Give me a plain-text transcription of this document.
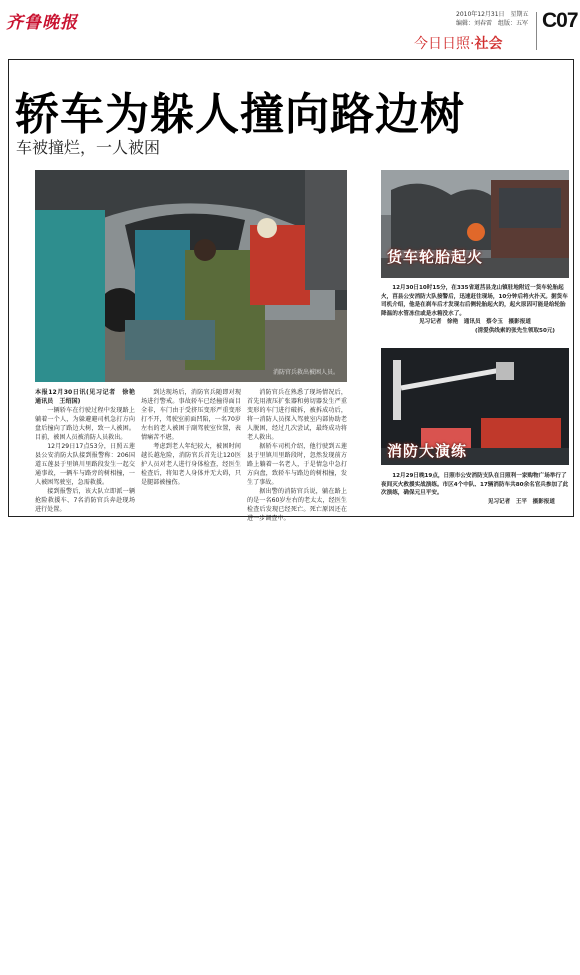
齐鲁晚报	2010年12月31日　星期五
编辑：刘春雷　组版：五军 C07
今日日照·社会
轿车为躲人撞向路边树
车被撞烂，一人被困
消防官兵救出被困人员。

本报12月30日讯(见习记者　徐艳　通讯员　王绍国)

一辆轿车在行驶过程中发现路上躺着一个人，为躲避避司机急打方向盘后撞向了路边大树，致一人被困。目前，被困人员被消防人员救出。

12月29日17点53分，日照五莲县公安消防大队接到报警称：206国道五莲县于里镇川里路段发生一起交通事故，一辆车与路旁的树相撞，一人被困驾驶室，急需救援。

接到报警后，该大队立即派一辆抢险救援车、7名消防官兵奔赴现场进行处置。

到达现场后，消防官兵随即对现场进行警戒。事故轿车已经撞得面目全非，车门由于受挤压变形严重变形打不开，驾驶室前面凹陷，一名70岁左右的老人被困于副驾驶室位置，表情痛苦不堪。

考虑到老人年纪较大，被困时间越长越危险，消防官兵首先让120医护人员对老人进行身体检查，经医生检查后，将知老人身体并无大碍，只是腿部被撞伤。

消防官兵在熟悉了现场情况后，首先用液压扩张器和剪切器发生严重变形的车门进行破拆，被拆成功后，将一消防人员探入驾驶室内部协助老人脱困，经过几次尝试，最终成功将老人救出。

据轿车司机介绍，他行驶到五莲县于里镇川里路段时，忽然发现前方路上躺着一名老人，于是情急中急打方向盘，致轿车与路边的树相撞，发生了事故。

据出警的消防官兵说，躺在路上的是一名60岁左右的老太太，经医生检查后发现已经死亡。死亡原因还在进一步调查中。

货车轮胎起火

12月30日10时15分，在335省道莒县龙山镇驻地附近一货车轮胎起火，莒县公安消防大队接警后，迅速赶往现场，10分钟后将火扑灭。据货车司机介绍，他是在刹车后才发现右后侧轮胎起火的，起火原因可能是给轮胎降温的水管冻住或是水箱没水了。

见习记者　徐艳　通讯员　蔡令玉　摄影报道
(清爱供线索的张先生领取50元)
消防大演练

12月29日晚19点，日照市公安消防支队在日照利一家购物广场举行了夜间灭火救援实战演练。市区4个中队、17辆消防车共80余名官兵参加了此次演练，确保元旦平安。

见习记者　王平　摄影报道
